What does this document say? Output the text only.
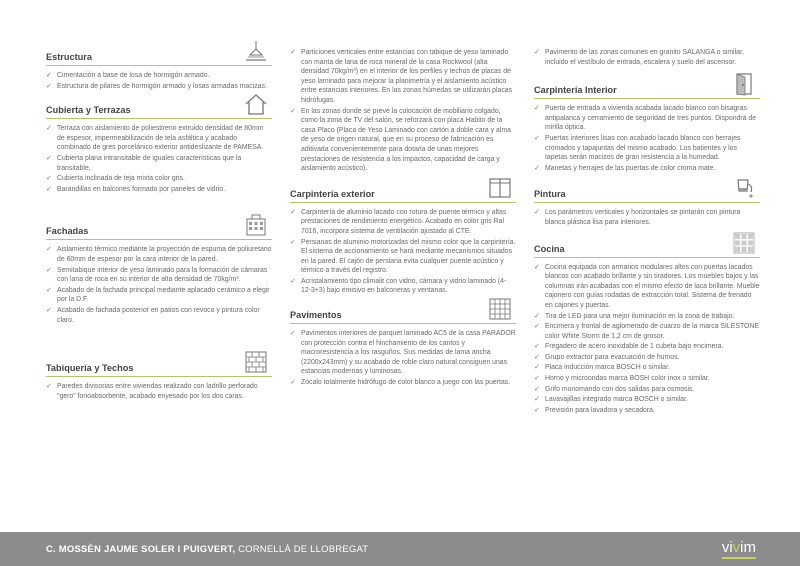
Estructura
✓ Cimentación a base de losa de hormigón armado.
✓ Estructura de pilares de hormigón armado y losas armadas macizas.
Cubierta y Terrazas
✓ Terraza con aislamiento de poliestireno extruido densidad de 80mm de espesor, impermeabilización de tela asfáltica y acabado combinado de gres porcelánico exterior antideslizante de PAMESA.
✓ Cubierta plana intransitable de iguales características que la transitable.
✓ Cubierta inclinada de teja mixta color gris.
✓ Barandillas en balcones formado por paneles de vidrio.
Fachadas
✓ Aislamiento térmico mediante la proyección de espuma de poliuretano de 60mm de espesor por la cara interior de la pared.
✓ Semitabique interior de yeso laminado para la formación de cámaras con lana de roca en su interior de alta densidad de 70kg/m³.
✓ Acabado de la fachada principal mediante aplacado cerámico a elegir por la D.F.
✓ Acabado de fachada posterior en patios con revoco y pintura color claro.
Tabiquería y Techos
✓ Paredes divisorias entre viviendas realizado con ladrillo perforado "gero" fonoabsorbente, acabado enyesado por los dos caras.
✓ Particiones verticales entre estancias con tabique de yeso laminado con manta de lana de roca mineral de la casa Rockwool (alta densidad 70kg/m³) en el interior de los perfiles y techos de placas de yeso laminado para mejorar la planimetría y el aislamiento acústico entre estancias interiores. En las zonas húmedas se utilizarán placas hidrófugas.
✓ En las zonas donde se prevé la colocación de mobiliario colgado, como la zona de TV del salón, se reforzará con placa Habito de la casa Placo (Placa de Yeso Laminado con cartón a doble cara y alma de yeso de origen natural, que en su proceso de fabricación es aditivada convenientemente para dotarla de unas mejores prestaciones de resistencia a los impactos, capacidad de carga y aislamiento acústico).
Carpintería exterior
✓ Carpintería de aluminio lacado con rotura de puente térmico y altas prestaciones de rendimiento energético. Acabado en color gris Ral 7016, incorpora sistema de ventilación ajustado al CTE.
✓ Persianas de aluminio motorizadas del mismo color que la carpintería. El sistema de accionamiento se hará mediante mecanismos situados en la pared. El cajón de persiana evita cualquier puente acústico y térmico a través del registro.
✓ Acristalamiento tipo climalit con vidrio, cámara y vidrio laminado (4-12-3+3) bajo emisivo en balconeras y ventanas.
Pavimentos
✓ Pavimentos interiores de parquet laminado AC5 de la casa PARADOR con protección contra el hinchamiento de los cantos y macroresistencia a los rasguños. Sus medidas de lama ancha (2200x243mm) y su acabado de roble claro natural consiguen unas estancias modernas y luminosas.
✓ Zócalo totalmente hidrófugo de color blanco a juego con las puertas.
✓ Pavimento de las zonas comunes en granito SALANGA o similar, incluido el vestíbulo de entrada, escalera y suelo del ascensor.
Carpintería Interior
✓ Puerta de entrada a vivienda acabada lacado blanco con bisagras antipalanca y cerramiento de seguridad de tres puntos. Dispondrá de mirilla óptica.
✓ Puertas interiores lisas con acabado lacado blanco con herrajes cromados y tapajuntas del mismo acabado. Los batientes y los tapetas serán macizos de gran resistencia a la humedad.
✓ Manetas y herrajes de las puertas de color croma mate.
Pintura
✓ Los parámetros verticales y horizontales se pintarán con pintura blanca plástica lisa para interiores.
Cocina
✓ Cocina equipada con armarios modulares altos con puertas lacados blancos con acabado brillante y sin tiradores. Los muebles bajos y las columnas irán acabadas con el mismo efecto de laca brillante. Mueble cajonero con guías rodadas de extracción total. Sistema de frenado en cajones y puertas.
✓ Tira de LED para una mejor iluminación en la zona de trabajo.
✓ Encimera y frontal de aglomerado de cuarzo de la marca SILESTONE color White Storm de 1,2 cm de grosor.
✓ Fregadero de acero inoxidable de 1 cubeta bajo encimera.
✓ Grupo extractor para evacuación de humos.
✓ Placa inducción marca BOSCH o similar.
✓ Horno y microondas marca BOSH color inox o similar.
✓ Grifo monomando con dos salidas para osmosis.
✓ Lavavajillas integrado marca BOSCH o similar.
✓ Previsión para lavadora y secadora.
C. MOSSÈN JAUME SOLER I PUIGVERT, CORNELLÀ DE LLOBREGAT	vivim
